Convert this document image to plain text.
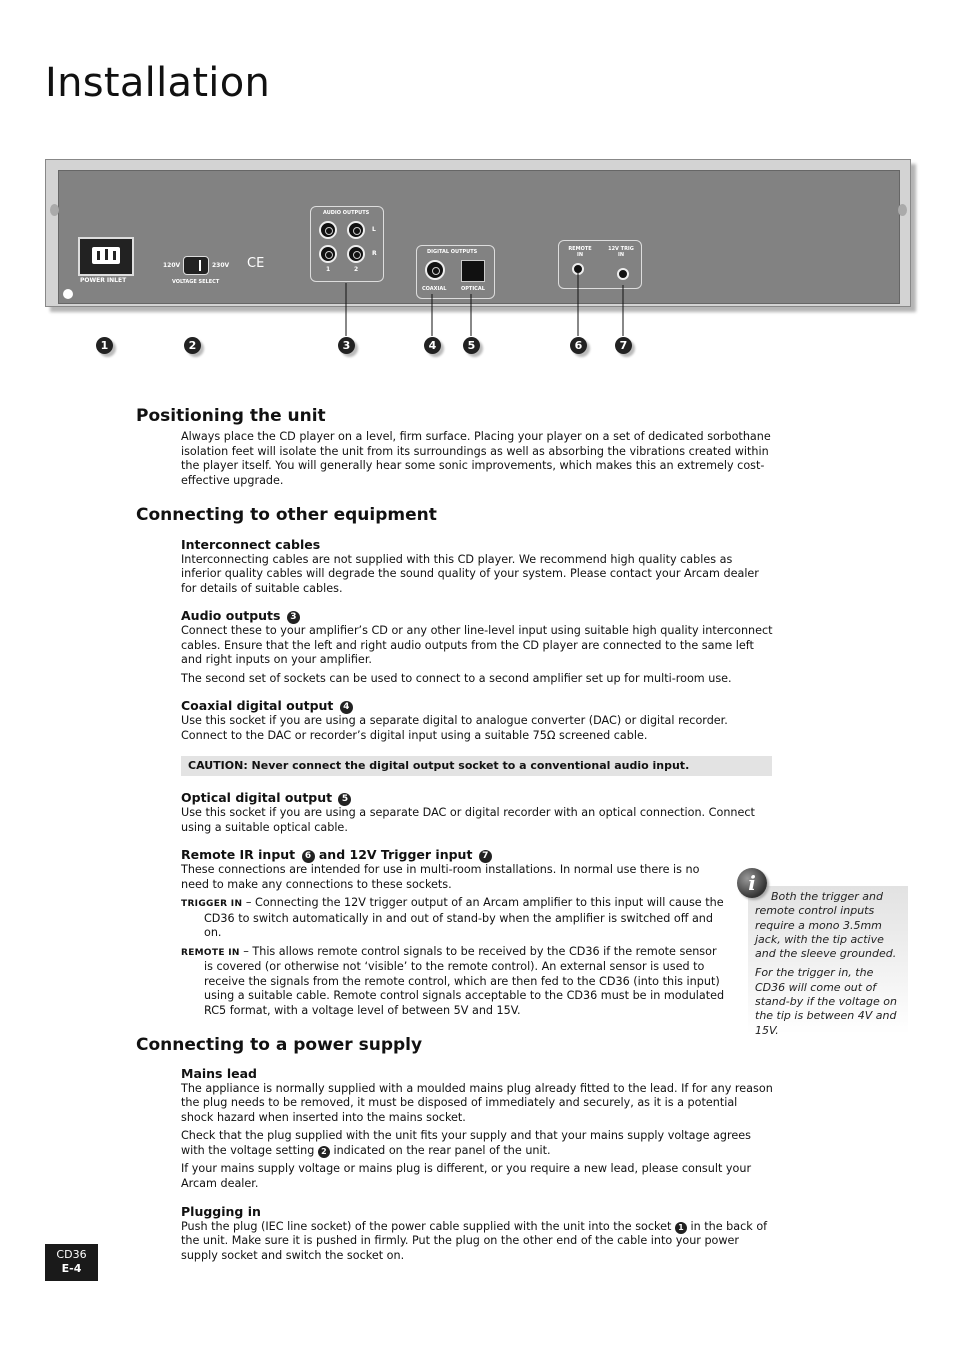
Installation
POWER INLET
120V	230V
VOLTAGE SELECT
CE
AUDIO OUTPUTS
L
R
1	2
DIGITAL OUTPUTS
COAXIAL	OPTICAL
REMOTE IN
12V TRIG IN
1	2	3	4	5	6	7
Positioning the unit

Always place the CD player on a level, firm surface. Placing your player on a set of dedicated sorbothane isolation feet will isolate the unit from its surroundings as well as absorbing the vibrations created within the player itself. You will generally hear some sonic improvements, which makes this an extremely cost-effective upgrade.

Connecting to other equipment
Interconnect cables

Interconnecting cables are not supplied with this CD player. We recommend high quality cables as inferior quality cables will degrade the sound quality of your system. Please contact your Arcam dealer for details of suitable cables.

Audio outputs 3

Connect these to your amplifier’s CD or any other line-level input using suitable high quality interconnect cables. Ensure that the left and right audio outputs from the CD player are connected to the same left and right inputs on your amplifier.

The second set of sockets can be used to connect to a second amplifier set up for multi-room use.

Coaxial digital output 4

Use this socket if you are using a separate digital to analogue converter (DAC) or digital recorder. Connect to the DAC or recorder’s digital input using a suitable 75Ω screened cable.

CAUTION: Never connect the digital output socket to a conventional audio input.
Optical digital output 5

Use this socket if you are using a separate DAC or digital recorder with an optical connection. Connect using a suitable optical cable.

Remote IR input 6 and 12V Trigger input 7

These connections are intended for use in multi-room installations. In normal use there is no need to make any connections to these sockets.

TRIGGER IN – Connecting the 12V trigger output of an Arcam amplifier to this input will cause the CD36 to switch automatically in and out of stand-by when the amplifier is switched off and on.

REMOTE IN – This allows remote control signals to be received by the CD36 if the remote sensor is covered (or otherwise not ‘visible’ to the remote control). An external sensor is used to receive the signals from the remote control, which are then fed to the CD36 (into this input) using a suitable cable. Remote control signals acceptable to the CD36 must be in modulated RC5 format, with a voltage level of between 5V and 15V.

Both the trigger and remote control inputs require a mono 3.5mm jack, with the tip active and the sleeve grounded.

For the trigger in, the CD36 will come out of stand-by if the voltage on the tip is between 4V and 15V.

i
Connecting to a power supply
Mains lead

The appliance is normally supplied with a moulded mains plug already fitted to the lead. If for any reason the plug needs to be removed, it must be disposed of immediately and securely, as it is a potential shock hazard when inserted into the mains socket.

Check that the plug supplied with the unit fits your supply and that your mains supply voltage agrees with the voltage setting 2 indicated on the rear panel of the unit.

If your mains supply voltage or mains plug is different, or you require a new lead, please consult your Arcam dealer.

Plugging in

Push the plug (IEC line socket) of the power cable supplied with the unit into the socket 1 in the back of the unit. Make sure it is pushed in firmly. Put the plug on the other end of the cable into your power supply socket and switch the socket on.

CD36
E-4
